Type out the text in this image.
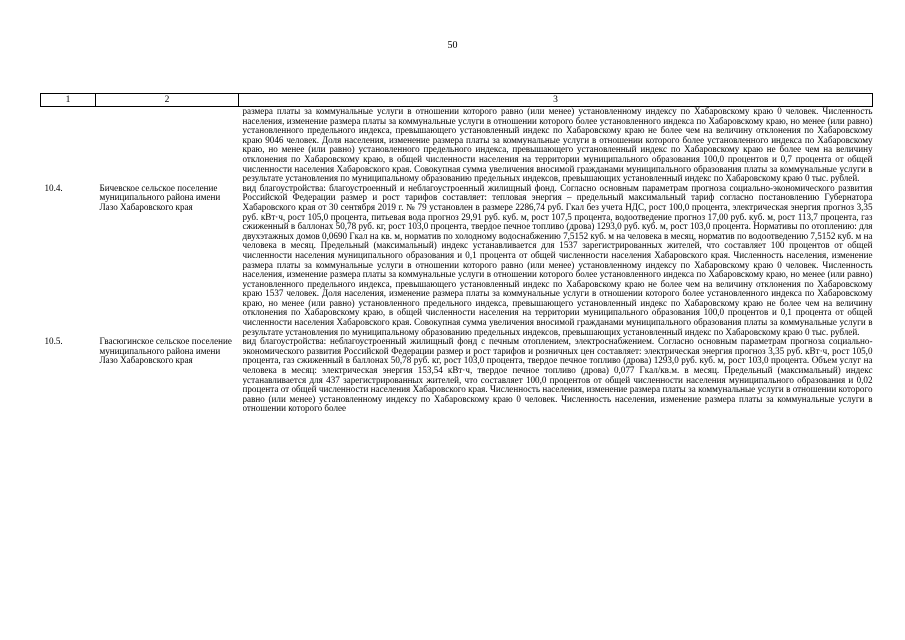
50
1	2	3
		размера платы за коммунальные услуги в отношении которого равно (или менее) установленному индексу по Хабаровскому краю 0 человек. Численность населения, изменение размера платы за коммунальные услуги в отношении которого более установленного индекса по Хабаровскому краю, но менее (или равно) установленного предельного индекса, превышающего установленный индекс по Хабаровскому краю не более чем на величину отклонения по Хабаровскому краю 9046 человек. Доля населения, изменение размера платы за коммунальные услуги в отношении которого более установленного индекса по Хабаровскому краю, но менее (или равно) установленного предельного индекса, превышающего установленный индекс по Хабаровскому краю не более чем на величину отклонения по Хабаровскому краю, в общей численности населения на территории муниципального образования 100,0 процентов и 0,7 процента от общей численности населения Хабаровского края. Совокупная сумма увеличения вносимой гражданами муниципального образования платы за коммунальные услуги в результате установления по муниципальному образованию предельных индексов, превышающих установленный индекс по Хабаровскому краю 0 тыс. рублей.
10.4.	Бичевское сельское поселение муниципального района имени Лазо Хабаровского края	вид благоустройства: благоустроенный и неблагоустроенный жилищный фонд. Согласно основным параметрам прогноза социально-экономического развития Российской Федерации размер и рост тарифов составляет: тепловая энергия – предельный максимальный тариф согласно постановлению Губернатора Хабаровского края от 30 сентября 2019 г. № 79 установлен в размере 2286,74 руб. Гкал без учета НДС, рост 100,0 процента, электрическая энергия прогноз 3,35 руб. кВт·ч, рост 105,0 процента, питьевая вода прогноз 29,91 руб. куб. м, рост 107,5 процента, водоотведение прогноз 17,00 руб. куб. м, рост 113,7 процента, газ сжиженный в баллонах 50,78 руб. кг, рост 103,0 процента, твердое печное топливо (дрова) 1293,0 руб. куб. м, рост 103,0 процента. Нормативы по отоплению: для двухэтажных домов 0,0690 Гкал на кв. м, норматив по холодному водоснабжению 7,5152 куб. м на человека в месяц, норматив по водоотведению 7,5152 куб. м на человека в месяц. Предельный (максимальный) индекс устанавливается для 1537 зарегистрированных жителей, что составляет 100 процентов от общей численности населения муниципального образования и 0,1 процента от общей численности населения Хабаровского края. Численность населения, изменение размера платы за коммунальные услуги в отношении которого равно (или менее) установленному индексу по Хабаровскому краю 0 человек. Численность населения, изменение размера платы за коммунальные услуги в отношении которого более установленного индекса по Хабаровскому краю, но менее (или равно) установленного предельного индекса, превышающего установленный индекс по Хабаровскому краю не более чем на величину отклонения по Хабаровскому краю 1537 человек. Доля населения, изменение размера платы за коммунальные услуги в отношении которого более установленного индекса по Хабаровскому краю, но менее (или равно) установленного предельного индекса, превышающего установленный индекс по Хабаровскому краю не более чем на величину отклонения по Хабаровскому краю, в общей численности населения на территории муниципального образования 100,0 процентов и 0,1 процента от общей численности населения Хабаровского края. Совокупная сумма увеличения вносимой гражданами муниципального образования платы за коммунальные услуги в результате установления по муниципальному образованию предельных индексов, превышающих установленный индекс по Хабаровскому краю 0 тыс. рублей.
10.5.	Гвасюгинское сельское поселение муниципального района имени Лазо Хабаровского края	вид благоустройства: неблагоустроенный жилищный фонд с печным отоплением, электроснабжением. Согласно основным параметрам прогноза социально-экономического развития Российской Федерации размер и рост тарифов и розничных цен составляет: электрическая энергия прогноз 3,35 руб. кВт·ч, рост 105,0 процента, газ сжиженный в баллонах 50,78 руб. кг, рост 103,0 процента, твердое печное топливо (дрова) 1293,0 руб. куб. м, рост 103,0 процента. Объем услуг на человека в месяц: электрическая энергия 153,54 кВт·ч, твердое печное топливо (дрова) 0,077 Гкал/кв.м. в месяц. Предельный (максимальный) индекс устанавливается для 437 зарегистрированных жителей, что составляет 100,0 процентов от общей численности населения муниципального образования и 0,02 процента от общей численности населения Хабаровского края. Численность населения, изменение размера платы за коммунальные услуги в отношении которого равно (или менее) установленному индексу по Хабаровскому краю 0 человек. Численность населения, изменение размера платы за коммунальные услуги в отношении которого более
